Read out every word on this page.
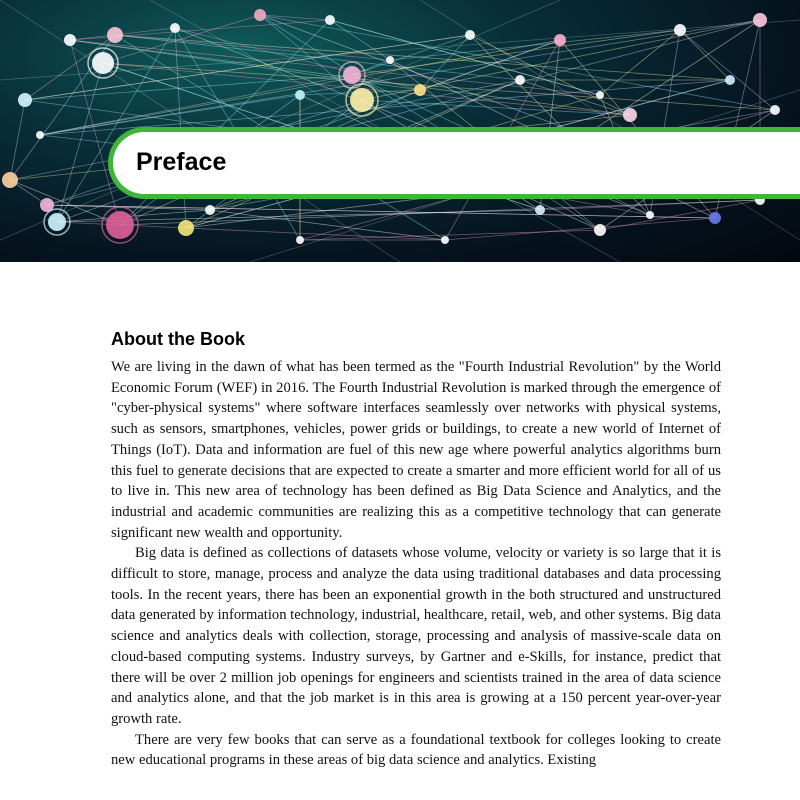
Preface
About the Book

We are living in the dawn of what has been termed as the "Fourth Industrial Revolution" by the World Economic Forum (WEF) in 2016. The Fourth Industrial Revolution is marked through the emergence of "cyber-physical systems" where software interfaces seamlessly over networks with physical systems, such as sensors, smartphones, vehicles, power grids or buildings, to create a new world of Internet of Things (IoT). Data and information are fuel of this new age where powerful analytics algorithms burn this fuel to generate decisions that are expected to create a smarter and more efficient world for all of us to live in. This new area of technology has been defined as Big Data Science and Analytics, and the industrial and academic communities are realizing this as a competitive technology that can generate significant new wealth and opportunity.

Big data is defined as collections of datasets whose volume, velocity or variety is so large that it is difficult to store, manage, process and analyze the data using traditional databases and data processing tools. In the recent years, there has been an exponential growth in the both structured and unstructured data generated by information technology, industrial, healthcare, retail, web, and other systems. Big data science and analytics deals with collection, storage, processing and analysis of massive-scale data on cloud-based computing systems. Industry surveys, by Gartner and e-Skills, for instance, predict that there will be over 2 million job openings for engineers and scientists trained in the area of data science and analytics alone, and that the job market is in this area is growing at a 150 percent year-over-year growth rate.

There are very few books that can serve as a foundational textbook for colleges looking to create new educational programs in these areas of big data science and analytics. Existing
